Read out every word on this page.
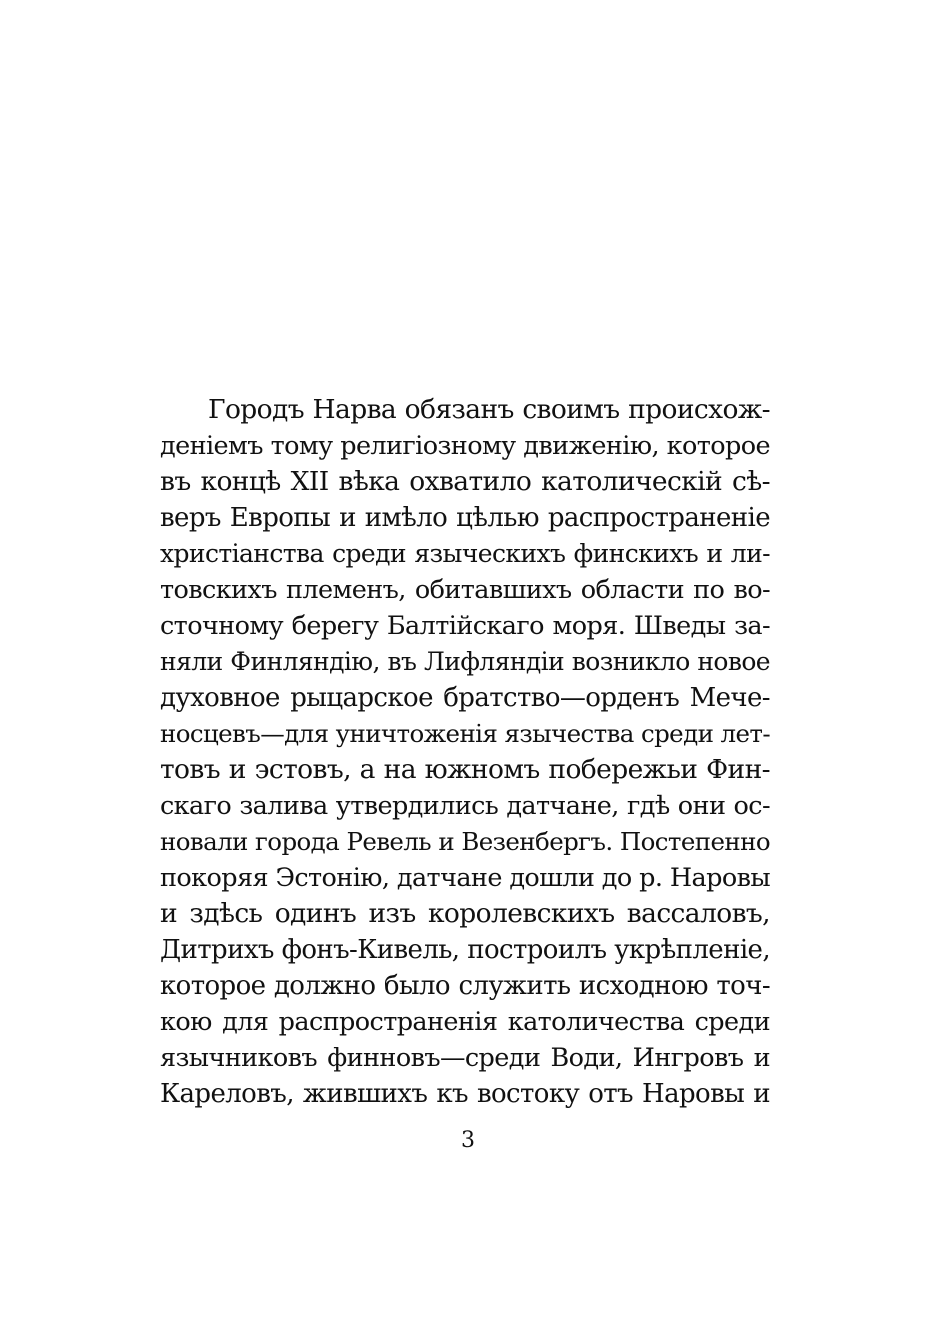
Городъ Нарва обязанъ своимъ происхож-
деніемъ тому религіозному движенію, которое
въ концѣ XII вѣка охватило католическій сѣ-
веръ Европы и имѣло цѣлью распространеніе
христіанства среди языческихъ финскихъ и ли-
товскихъ племенъ, обитавшихъ области по во-
сточному берегу Балтійскаго моря. Шведы за-
няли Финляндію, въ Лифляндіи возникло новое
духовное рыцарское братство—орденъ Мече-
носцевъ—для уничтоженія язычества среди лет-
товъ и эстовъ, а на южномъ побережьи Фин-
скаго залива утвердились датчане, гдѣ они ос-
новали города Ревель и Везенбергъ. Постепенно
покоряя Эстонію, датчане дошли до р. Наровы
и здѣсь одинъ изъ королевскихъ вассаловъ,
Дитрихъ фонъ-Кивель, построилъ укрѣпленіе,
которое должно было служить исходною точ-
кою для распространенія католичества среди
язычниковъ финновъ—среди Води, Ингровъ и
Кареловъ, жившихъ къ востоку отъ Наровы и
3
